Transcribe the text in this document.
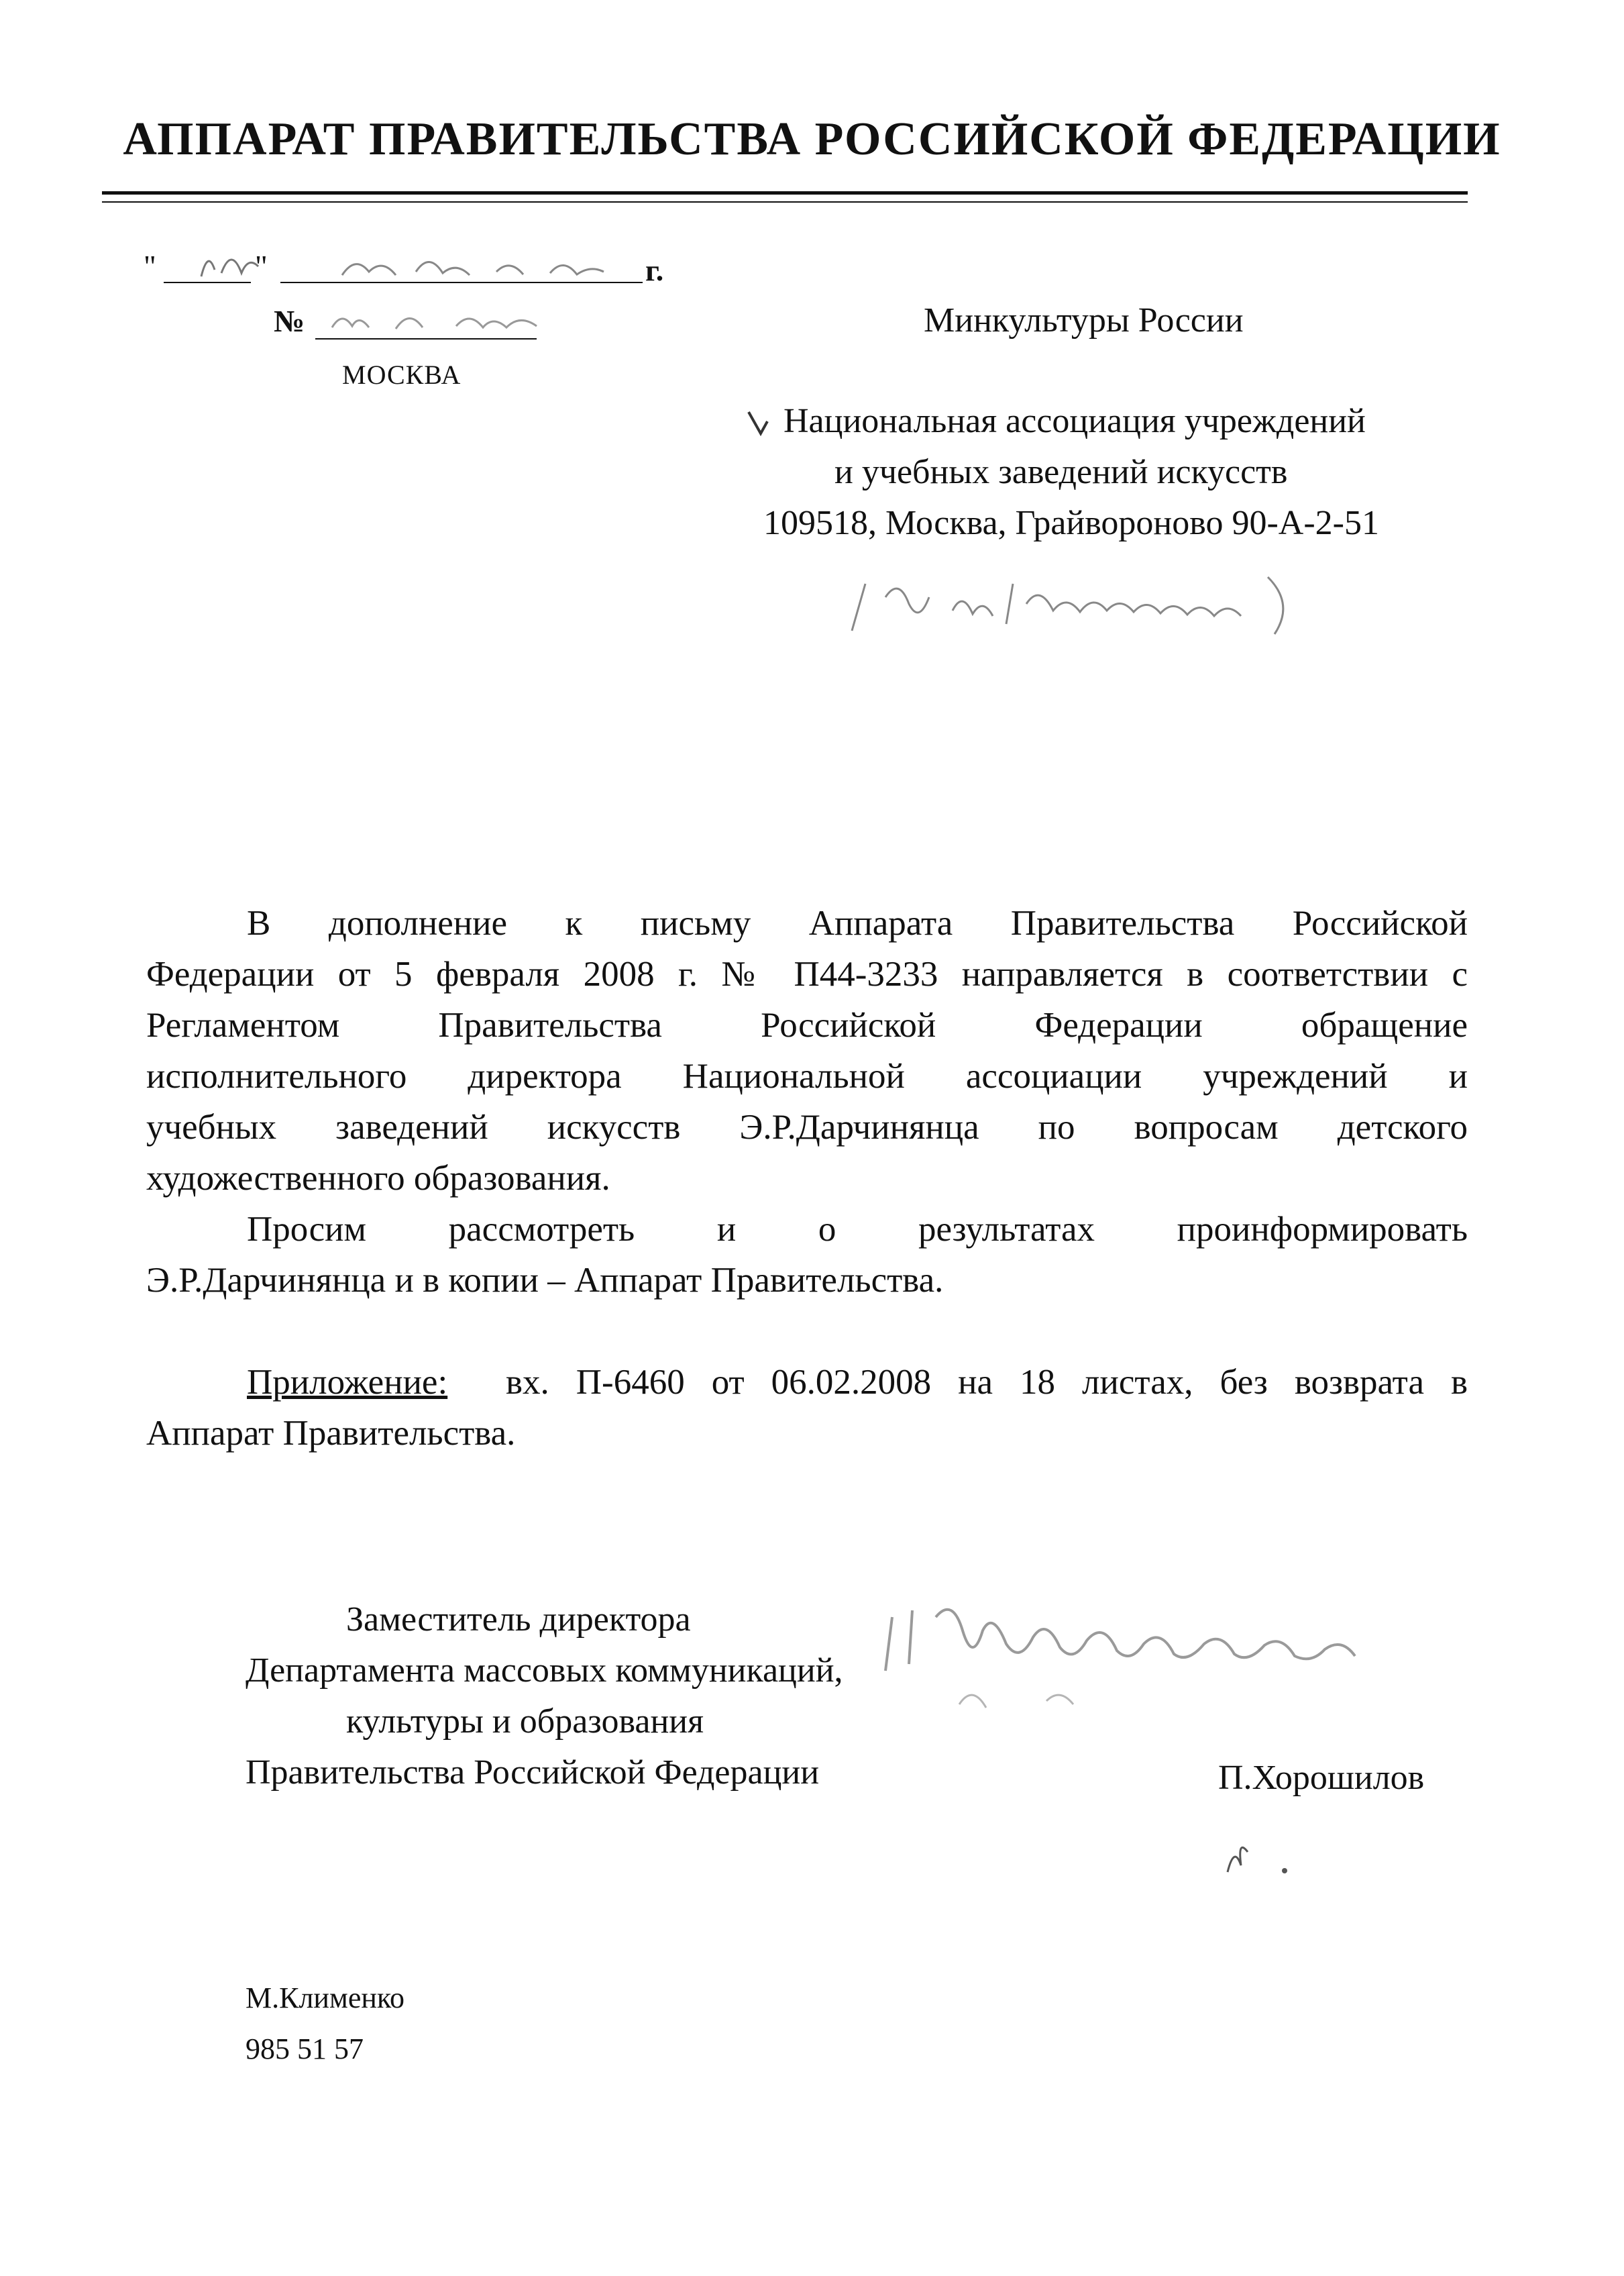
АППАРАТ ПРАВИТЕЛЬСТВА РОССИЙСКОЙ ФЕДЕРАЦИИ
"	"	г.
№
МОСКВА
Минкультуры России
Национальная ассоциация учреждений
и учебных заведений искусств
109518, Москва, Грайвороново 90-А-2-51
В дополнение к письму Аппарата Правительства Российской
Федерации от 5 февраля 2008 г. № П44-3233 направляется в соответствии с
Регламентом Правительства Российской Федерации обращение
исполнительного директора Национальной ассоциации учреждений и
учебных заведений искусств Э.Р.Дарчинянца по вопросам детского
художественного образования.
Просим рассмотреть и о результатах проинформировать
Э.Р.Дарчинянца и в копии – Аппарат Правительства.
Приложение: вх. П-6460 от 06.02.2008 на 18 листах, без возврата в
Аппарат Правительства.
Заместитель директора
Департамента массовых коммуникаций,
культуры и образования
Правительства Российской Федерации	П.Хорошилов
М.Клименко
985 51 57
